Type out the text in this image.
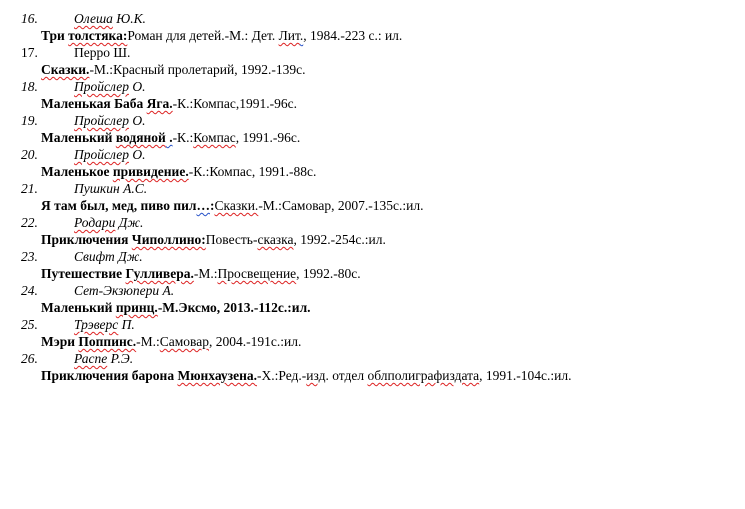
16.	Олеша Ю.К.
Три толстяка:Роман для детей.-М.: Дет. Лит., 1984.-223 с.: ил.
17.	Перро Ш.
Сказки.-М.:Красный пролетарий, 1992.-139с.
18.	Пройслер О.
Маленькая Баба Яга.-К.:Компас,1991.-96с.
19.	Пройслер О.
Маленький водяной .-К.:Компас, 1991.-96с.
20.	Пройслер О.
Маленькое привидение.-К.:Компас, 1991.-88с.
21.	Пушкин А.С.
Я там был, мед, пиво пил…:Сказки.-М.:Самовар, 2007.-135с.:ил.
22.	Родари Дж.
Приключения Чиполлино:Повесть-сказка, 1992.-254с.:ил.
23.	Свифт Дж.
Путешествие Гулливера.-М.:Просвещение, 1992.-80с.
24.	Сет-Экзюпери А.
Маленький принц.-М.Эксмо, 2013.-112с.:ил.
25.	Трэверс П.
Мэри Поппинс.-М.:Самовар, 2004.-191с.:ил.
26.	Распе Р.Э.
Приключения барона Мюнхаузена.-Х.:Ред.-изд. отдел облполиграфиздата, 1991.-104с.:ил.
